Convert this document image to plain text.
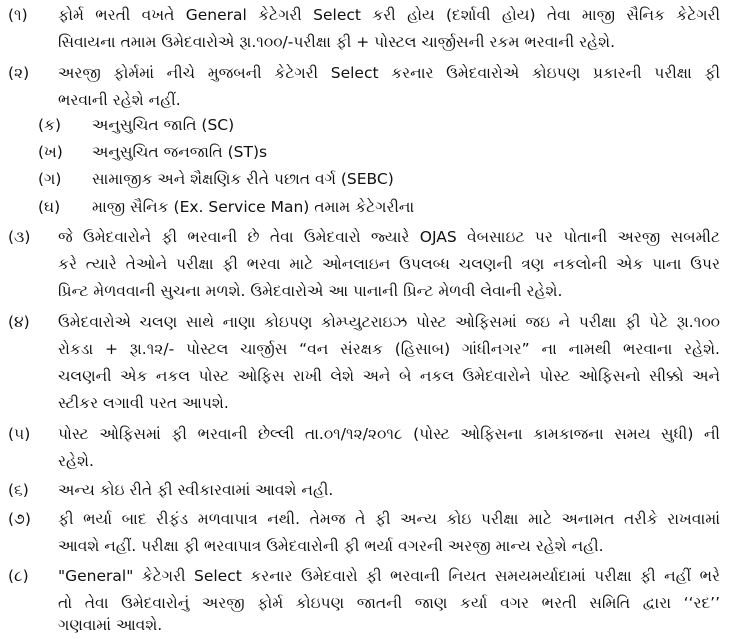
(૧) ફોર્મ ભરતી વખતે General કેટેગરી Select કરી હોય (દર્શાવી હોય) તેવા માજી સૈનિક કેટેગરી
સિવાયના તમામ ઉમેદવારોએ રૂા.૧૦૦/-પરીક્ષા ફી + પોસ્ટલ ચાર્જીસની રકમ ભરવાની રહેશે.
(૨) અરજી ફોર્મમાં નીચે મુજબની કેટેગરી Select કરનાર ઉમેદવારોએ કોઇપણ પ્રકારની પરીક્ષા ફી
ભરવાની રહેશે નહીં.
(ક) અનુસુચિત જાતિ (SC)
(ખ) અનુસુચિત જનજાતિ (ST)s
(ગ) સામાજીક અને શૈક્ષણિક રીતે પછાત વર્ગ (SEBC)
(ઘ) માજી સૈનિક (Ex. Service Man) તમામ કેટેગરીના
(૩) જે ઉમેદવારોને ફી ભરવાની છે તેવા ઉમેદવારો જ્યારે OJAS વેબસાઇટ પર પોતાની અરજી સબમીટ
કરે ત્યારે તેઓને પરીક્ષા ફી ભરવા માટે ઓનલાઇન ઉપલબ્ધ ચલણની ત્રણ નકલોની એક પાના ઉપર
પ્રિન્ટ મેળવવાની સુચના મળશે. ઉમેદવારોએ આ પાનાની પ્રિન્ટ મેળવી લેવાની રહેશે.
(૪) ઉમેદવારોએ ચલણ સાથે નાણા કોઇપણ કોમ્પ્યુટરાઇઝ પોસ્ટ ઓફિસમાં જઇ ને પરીક્ષા ફી પેટે રૂા.૧૦૦
રોકડા + રૂા.૧૨/- પોસ્ટલ ચાર્જીસ “વન સંરક્ષક (હિસાબ) ગાંધીનગર” ના નામથી ભરવાના રહેશે.
ચલણની એક નકલ પોસ્ટ ઓફિસ રાખી લેશે અને બે નકલ ઉમેદવારોને પોસ્ટ ઓફિસનો સીક્કો અને
સ્ટીકર લગાવી પરત આપશે.
(૫) પોસ્ટ ઓફિસમાં ફી ભરવાની છેલ્લી તા.૦૧/૧૨/૨૦૧૮ (પોસ્ટ ઓફિસના કામકાજના સમય સુધી) ની
રહેશે.
(૬) અન્ય કોઇ રીતે ફી સ્વીકારવામાં આવશે નહી.
(૭) ફી ભર્યા બાદ રીફંડ મળવાપાત્ર નથી. તેમજ તે ફી અન્ય કોઇ પરીક્ષા માટે અનામત તરીકે રાખવામાં
આવશે નહીં. પરીક્ષા ફી ભરવાપાત્ર ઉમેદવારોની ફી ભર્યા વગરની અરજી માન્ય રહેશે નહી.
(૮) "General" કેટેગરી Select કરનાર ઉમેદવારો ફી ભરવાની નિયત સમયમર્યાદામાં પરીક્ષા ફી નહીં ભરે
તો તેવા ઉમેદવારોનું અરજી ફોર્મ કોઇપણ જાતની જાણ કર્યા વગર ભરતી સમિતિ દ્વારા ‘‘રદ’’
ગણવામાં આવશે.
